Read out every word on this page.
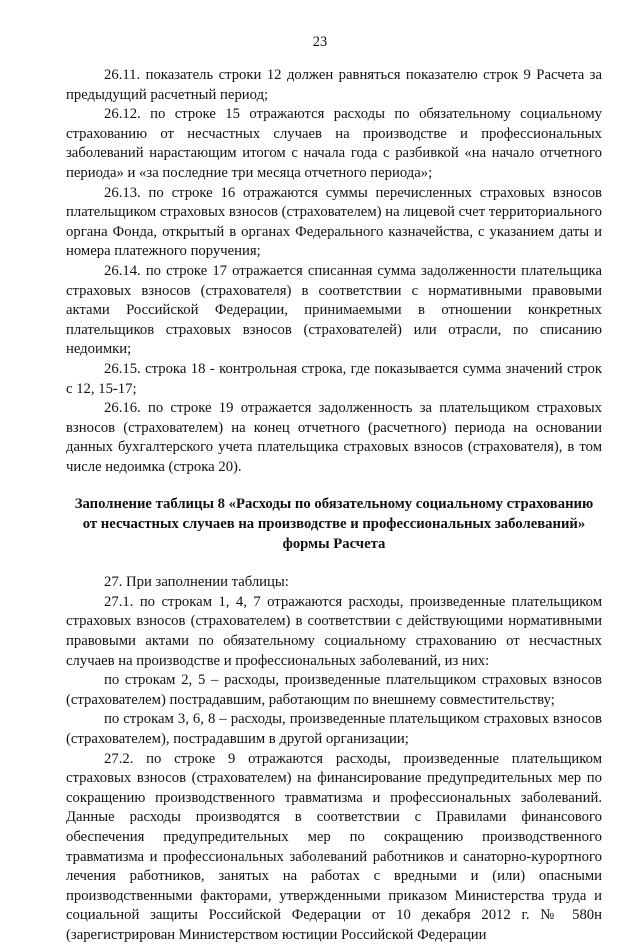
23

26.11. показатель строки 12 должен равняться показателю строк 9 Расчета за предыдущий расчетный период;

26.12. по строке 15 отражаются расходы по обязательному социальному страхованию от несчастных случаев на производстве и профессиональных заболеваний нарастающим итогом с начала года с разбивкой «на начало отчетного периода» и «за последние три месяца отчетного периода»;

26.13. по строке 16 отражаются суммы перечисленных страховых взносов плательщиком страховых взносов (страхователем) на лицевой счет территориального органа Фонда, открытый в органах Федерального казначейства, с указанием даты и номера платежного поручения;

26.14. по строке 17 отражается списанная сумма задолженности плательщика страховых взносов (страхователя) в соответствии с нормативными правовыми актами Российской Федерации, принимаемыми в отношении конкретных плательщиков страховых взносов (страхователей) или отрасли, по списанию недоимки;

26.15. строка 18 - контрольная строка, где показывается сумма значений строк с 12, 15-17;

26.16. по строке 19 отражается задолженность за плательщиком страховых взносов (страхователем) на конец отчетного (расчетного) периода на основании данных бухгалтерского учета плательщика страховых взносов (страхователя), в том числе недоимка (строка 20).

Заполнение таблицы 8 «Расходы по обязательному социальному страхованию от несчастных случаев на производстве и профессиональных заболеваний» формы Расчета

27. При заполнении таблицы:

27.1. по строкам 1, 4, 7 отражаются расходы, произведенные плательщиком страховых взносов (страхователем) в соответствии с действующими нормативными правовыми актами по обязательному социальному страхованию от несчастных случаев на производстве и профессиональных заболеваний, из них:

по строкам 2, 5 – расходы, произведенные плательщиком страховых взносов (страхователем) пострадавшим, работающим по внешнему совместительству;

по строкам 3, 6, 8 – расходы, произведенные плательщиком страховых взносов (страхователем), пострадавшим в другой организации;

27.2. по строке 9 отражаются расходы, произведенные плательщиком страховых взносов (страхователем) на финансирование предупредительных мер по сокращению производственного травматизма и профессиональных заболеваний. Данные расходы производятся в соответствии с Правилами финансового обеспечения предупредительных мер по сокращению производственного травматизма и профессиональных заболеваний работников и санаторно-курортного лечения работников, занятых на работах с вредными и (или) опасными производственными факторами, утвержденными приказом Министерства труда и социальной защиты Российской Федерации от 10 декабря 2012 г. № 580н (зарегистрирован Министерством юстиции Российской Федерации
